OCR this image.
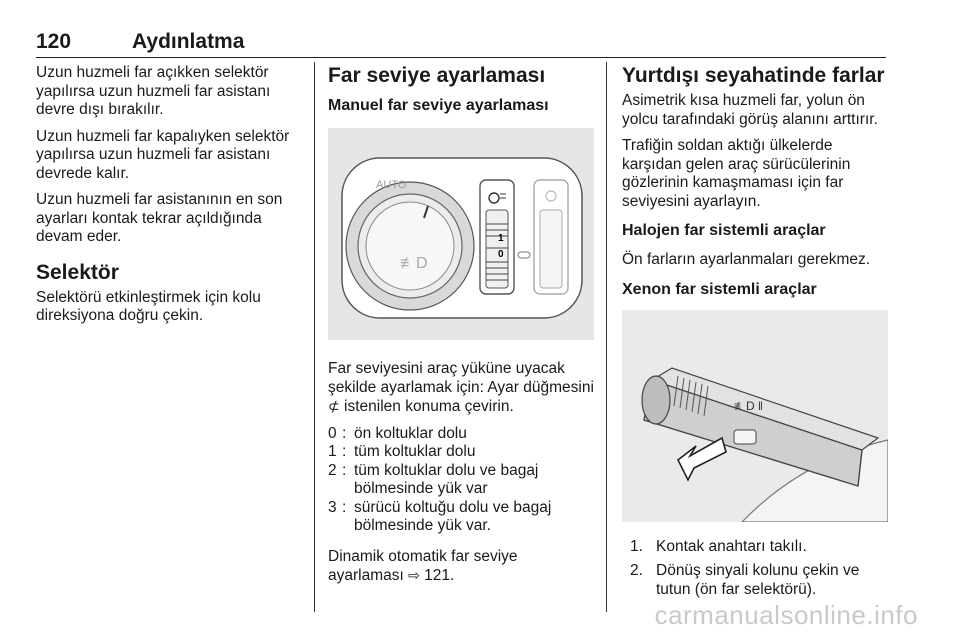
120	Aydınlatma

Uzun huzmeli far açıkken selektör yapılırsa uzun huzmeli far asistanı devre dışı bırakılır.

Uzun huzmeli far kapalıyken selektör yapılırsa uzun huzmeli far asistanı devrede kalır.

Uzun huzmeli far asistanının en son ayarları kontak tekrar açıldığında devam eder.

Selektör

Selektörü etkinleştirmek için kolu direksiyona doğru çekin.

Far seviye ayarlaması
Manuel far seviye ayarlaması
AUTO
≢D
1
0

Far seviyesini araç yüküne uyacak şekilde ayarlamak için: Ayar düğmesini ⊄ istenilen konuma çevirin.

0 : ön koltuklar dolu
1 : tüm koltuklar dolu
2 : tüm koltuklar dolu ve bagaj bölmesinde yük var
3 : sürücü koltuğu dolu ve bagaj bölmesinde yük var.

Dinamik otomatik far seviye ayarlaması ⇨ 121.

Yurtdışı seyahatinde farlar

Asimetrik kısa huzmeli far, yolun ön yolcu tarafındaki görüş alanını arttırır.

Trafiğin soldan aktığı ülkelerde karşıdan gelen araç sürücülerinin gözlerinin kamaşmaması için far seviyesini ayarlayın.

Halojen far sistemli araçlar

Ön farların ayarlanmaları gerekmez.

Xenon far sistemli araçlar
≢D ‖
1. Kontak anahtarı takılı.
2. Dönüş sinyali kolunu çekin ve tutun (ön far selektörü).
carmanualsonline.info
